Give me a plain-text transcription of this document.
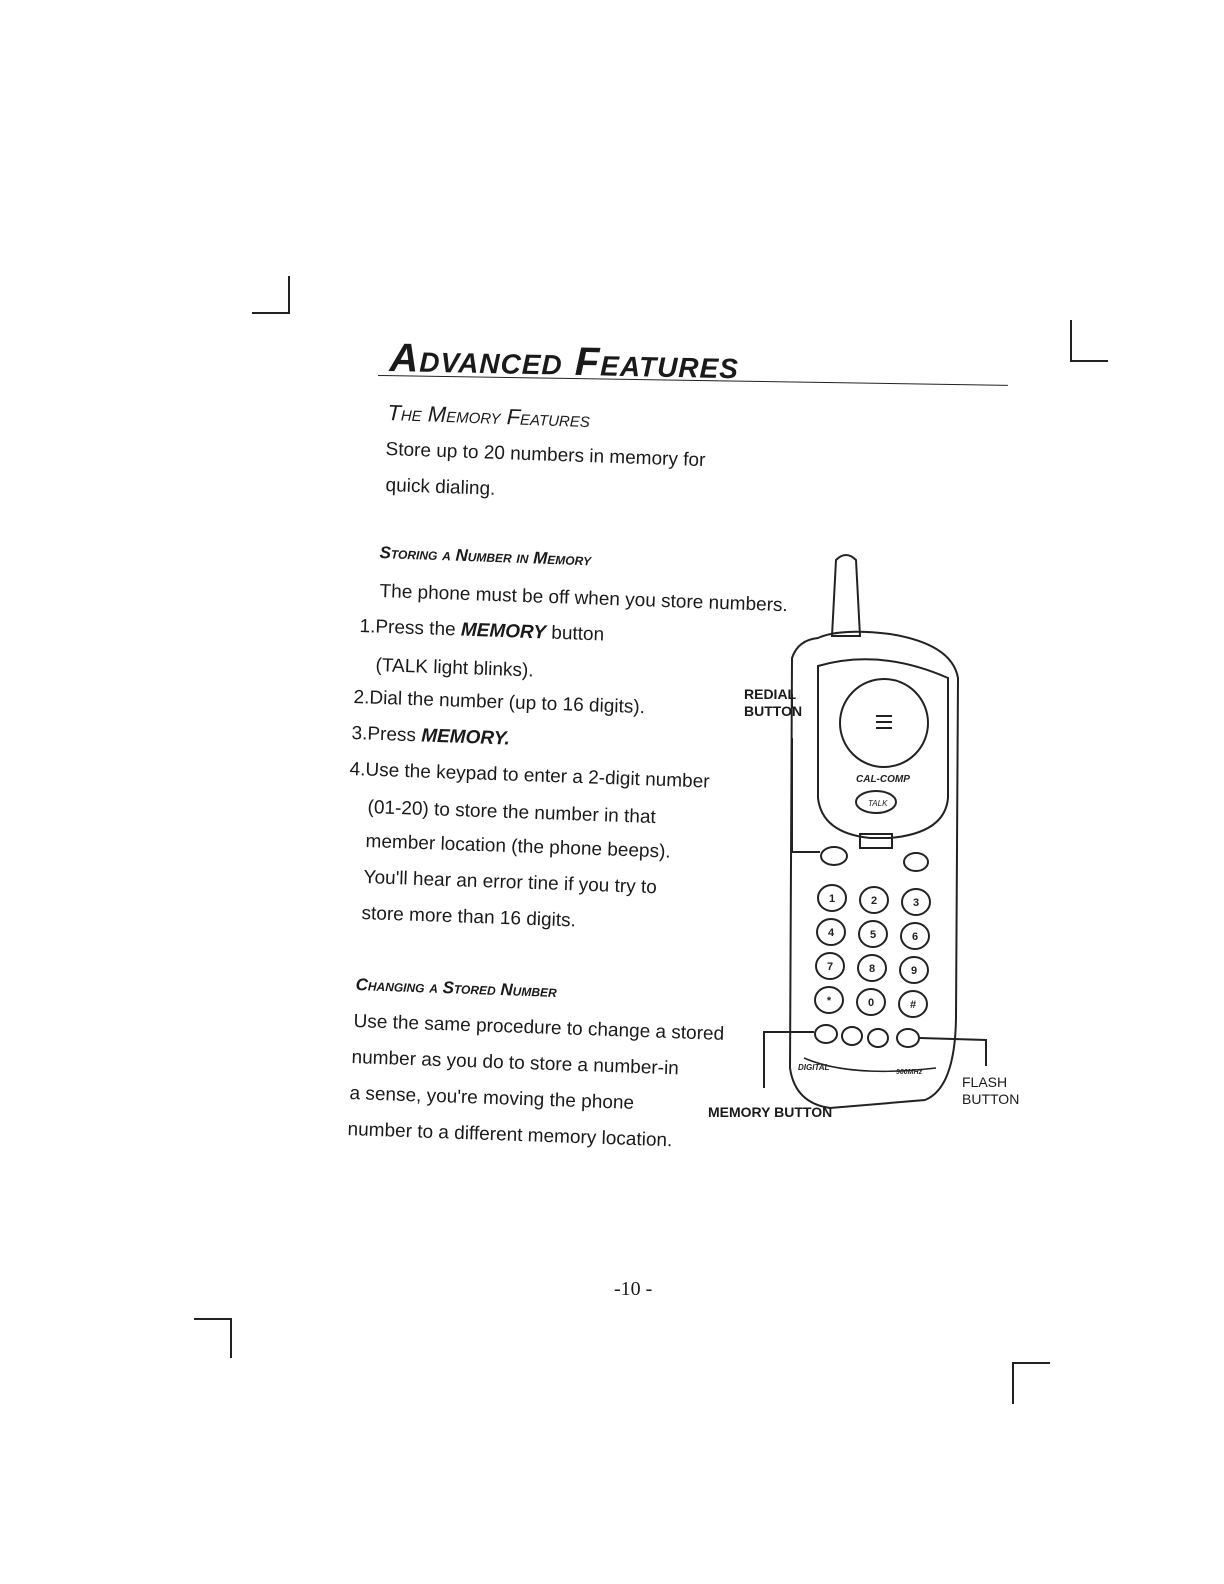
Advanced Features
The Memory Features
Store up to 20 numbers in memory for
quick dialing.
Storing a Number in Memory
The phone must be off when you store numbers.
1.Press the MEMORY button
(TALK light blinks).
2.Dial the number (up to 16 digits).
3.Press MEMORY.
4.Use the keypad to enter a 2-digit number
(01-20) to store the number in that
member location (the phone beeps).
You'll hear an error tine if you try to
store more than 16 digits.
Changing a Stored Number
Use the same procedure to change a stored
number as you do to store a number-in
a sense, you're moving the phone
number to a different memory location.
CAL-COMP
TALK
DIGITAL
900MHz
1	2	3
4	5	6
7	8	9
*	0	#
REDIAL
BUTTON
MEMORY BUTTON
FLASH
BUTTON
-10 -
